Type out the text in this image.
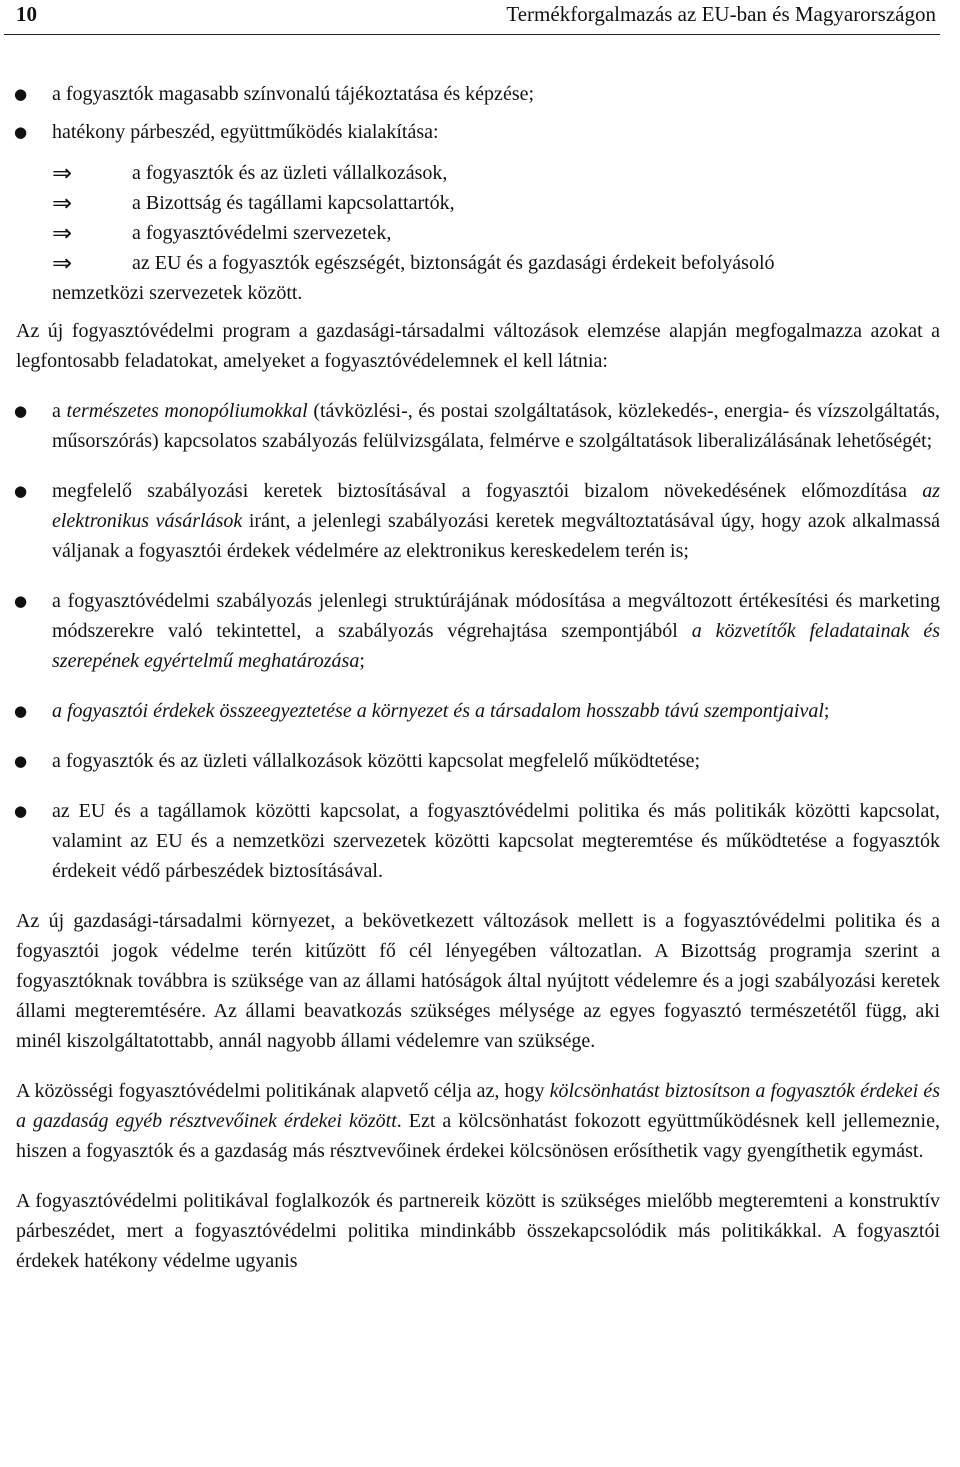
10	Termékforgalmazás az EU-ban és Magyarországon
● a fogyasztók magasabb színvonalú tájékoztatása és képzése;
● hatékony párbeszéd, együttműködés kialakítása:
⇒	a fogyasztók és az üzleti vállalkozások,
⇒	a Bizottság és tagállami kapcsolattartók,
⇒	a fogyasztóvédelmi szervezetek,
⇒	az EU és a fogyasztók egészségét, biztonságát és gazdasági érdekeit befolyásoló
nemzetközi szervezetek között.

Az új fogyasztóvédelmi program a gazdasági-társadalmi változások elemzése alapján megfogalmazza azokat a legfontosabb feladatokat, amelyeket a fogyasztóvédelemnek el kell látnia:

● a természetes monopóliumokkal (távközlési-, és postai szolgáltatások, közlekedés-, energia- és vízszolgáltatás, műsorszórás) kapcsolatos szabályozás felülvizsgálata, felmérve e szolgáltatások liberalizálásának lehetőségét;
● megfelelő szabályozási keretek biztosításával a fogyasztói bizalom növekedésének előmozdítása az elektronikus vásárlások iránt, a jelenlegi szabályozási keretek megváltoztatásával úgy, hogy azok alkalmassá váljanak a fogyasztói érdekek védelmére az elektronikus kereskedelem terén is;
● a fogyasztóvédelmi szabályozás jelenlegi struktúrájának módosítása a megváltozott értékesítési és marketing módszerekre való tekintettel, a szabályozás végrehajtása szempontjából a közvetítők feladatainak és szerepének egyértelmű meghatározása;
● a fogyasztói érdekek összeegyeztetése a környezet és a társadalom hosszabb távú szempontjaival;
● a fogyasztók és az üzleti vállalkozások közötti kapcsolat megfelelő működtetése;
● az EU és a tagállamok közötti kapcsolat, a fogyasztóvédelmi politika és más politikák közötti kapcsolat, valamint az EU és a nemzetközi szervezetek közötti kapcsolat megteremtése és működtetése a fogyasztók érdekeit védő párbeszédek biztosításával.

Az új gazdasági-társadalmi környezet, a bekövetkezett változások mellett is a fogyasztóvédelmi politika és a fogyasztói jogok védelme terén kitűzött fő cél lényegében változatlan. A Bizottság programja szerint a fogyasztóknak továbbra is szüksége van az állami hatóságok által nyújtott védelemre és a jogi szabályozási keretek állami megteremtésére. Az állami beavatkozás szükséges mélysége az egyes fogyasztó természetétől függ, aki minél kiszolgáltatottabb, annál nagyobb állami védelemre van szüksége.

A közösségi fogyasztóvédelmi politikának alapvető célja az, hogy kölcsönhatást biztosítson a fogyasztók érdekei és a gazdaság egyéb résztvevőinek érdekei között. Ezt a kölcsönhatást fokozott együttműködésnek kell jellemeznie, hiszen a fogyasztók és a gazdaság más résztvevőinek érdekei kölcsönösen erősíthetik vagy gyengíthetik egymást.

A fogyasztóvédelmi politikával foglalkozók és partnereik között is szükséges mielőbb megteremteni a konstruktív párbeszédet, mert a fogyasztóvédelmi politika mindinkább összekapcsolódik más politikákkal. A fogyasztói érdekek hatékony védelme ugyanis
